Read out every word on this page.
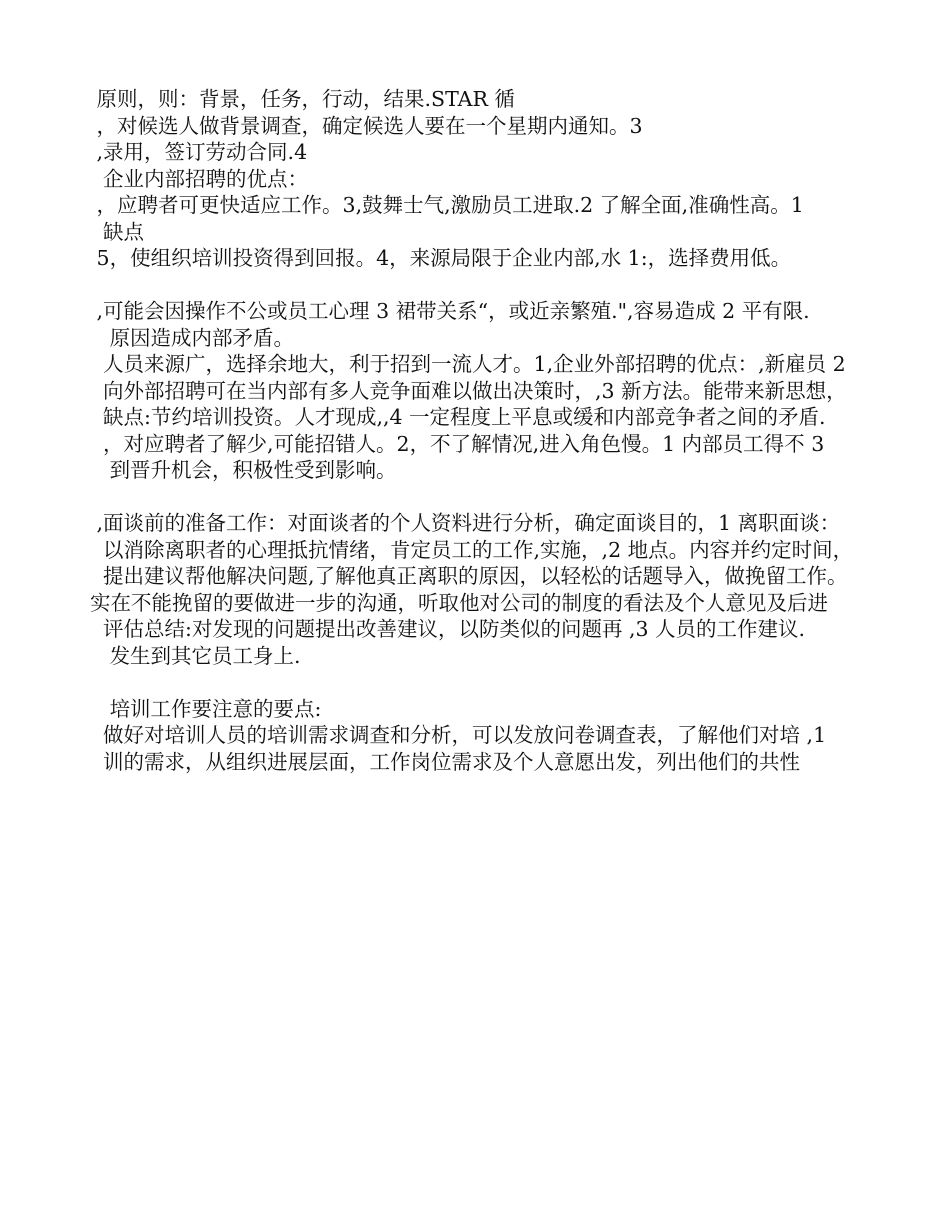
原则，则：背景，任务，行动，结果.STAR 循
，对候选人做背景调查，确定候选人要在一个星期内通知。3
,录用，签订劳动合同.4
企业内部招聘的优点：
，应聘者可更快适应工作。3,鼓舞士气,激励员工进取.2 了解全面,准确性高。1
缺点
5，使组织培训投资得到回报。4，来源局限于企业内部,水 1:，选择费用低。
,可能会因操作不公或员工心理 3 裙带关系“，或近亲繁殖.",容易造成 2 平有限.
原因造成内部矛盾。
人员来源广，选择余地大，利于招到一流人才。1,企业外部招聘的优点：,新雇员 2
向外部招聘可在当内部有多人竞争面难以做出决策时，,3 新方法。能带来新思想，
缺点:节约培训投资。人才现成,,4 一定程度上平息或缓和内部竞争者之间的矛盾.
，对应聘者了解少,可能招错人。2，不了解情况,进入角色慢。1 内部员工得不 3
到晋升机会，积极性受到影响。
,面谈前的准备工作：对面谈者的个人资料进行分析，确定面谈目的，1 离职面谈：
以消除离职者的心理抵抗情绪，肯定员工的工作,实施，,2 地点。内容并约定时间，
提出建议帮他解决问题,了解他真正离职的原因，以轻松的话题导入，做挽留工作。
实在不能挽留的要做进一步的沟通，听取他对公司的制度的看法及个人意见及后进
评估总结:对发现的问题提出改善建议，以防类似的问题再 ,3 人员的工作建议.
发生到其它员工身上.
培训工作要注意的要点:
做好对培训人员的培训需求调查和分析，可以发放问卷调查表，了解他们对培 ,1
训的需求，从组织进展层面，工作岗位需求及个人意愿出发，列出他们的共性
